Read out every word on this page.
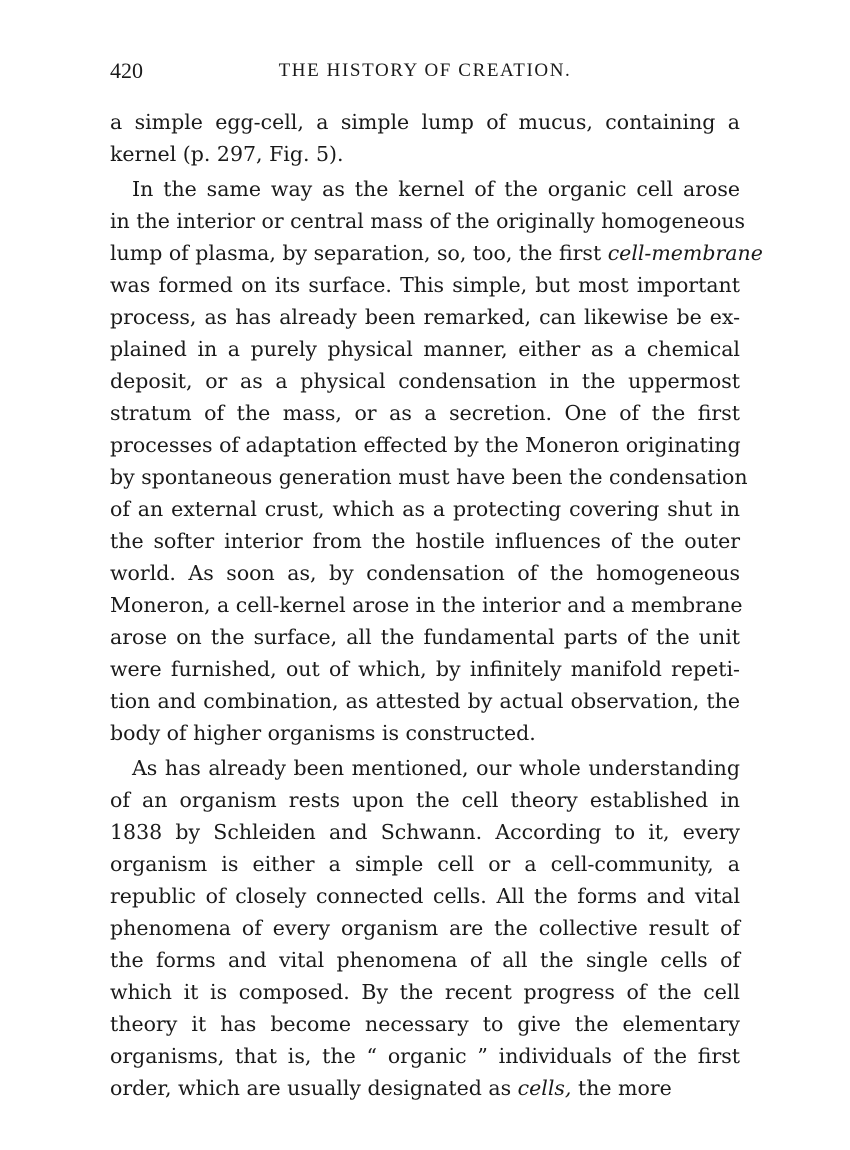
420	THE HISTORY OF CREATION.
a simple egg-cell, a simple lump of mucus, containing a
kernel (p. 297, Fig. 5).
In the same way as the kernel of the organic cell arose
in the interior or central mass of the originally homogeneous
lump of plasma, by separation, so, too, the first cell-membrane
was formed on its surface. This simple, but most important
process, as has already been remarked, can likewise be ex-
plained in a purely physical manner, either as a chemical
deposit, or as a physical condensation in the uppermost
stratum of the mass, or as a secretion. One of the first
processes of adaptation effected by the Moneron originating
by spontaneous generation must have been the condensation
of an external crust, which as a protecting covering shut in
the softer interior from the hostile influences of the outer
world. As soon as, by condensation of the homogeneous
Moneron, a cell-kernel arose in the interior and a membrane
arose on the surface, all the fundamental parts of the unit
were furnished, out of which, by infinitely manifold repeti-
tion and combination, as attested by actual observation, the
body of higher organisms is constructed.
As has already been mentioned, our whole understanding
of an organism rests upon the cell theory established in
1838 by Schleiden and Schwann. According to it, every
organism is either a simple cell or a cell-community, a
republic of closely connected cells. All the forms and vital
phenomena of every organism are the collective result of
the forms and vital phenomena of all the single cells of
which it is composed. By the recent progress of the cell
theory it has become necessary to give the elementary
organisms, that is, the “ organic ” individuals of the first
order, which are usually designated as cells, the more
